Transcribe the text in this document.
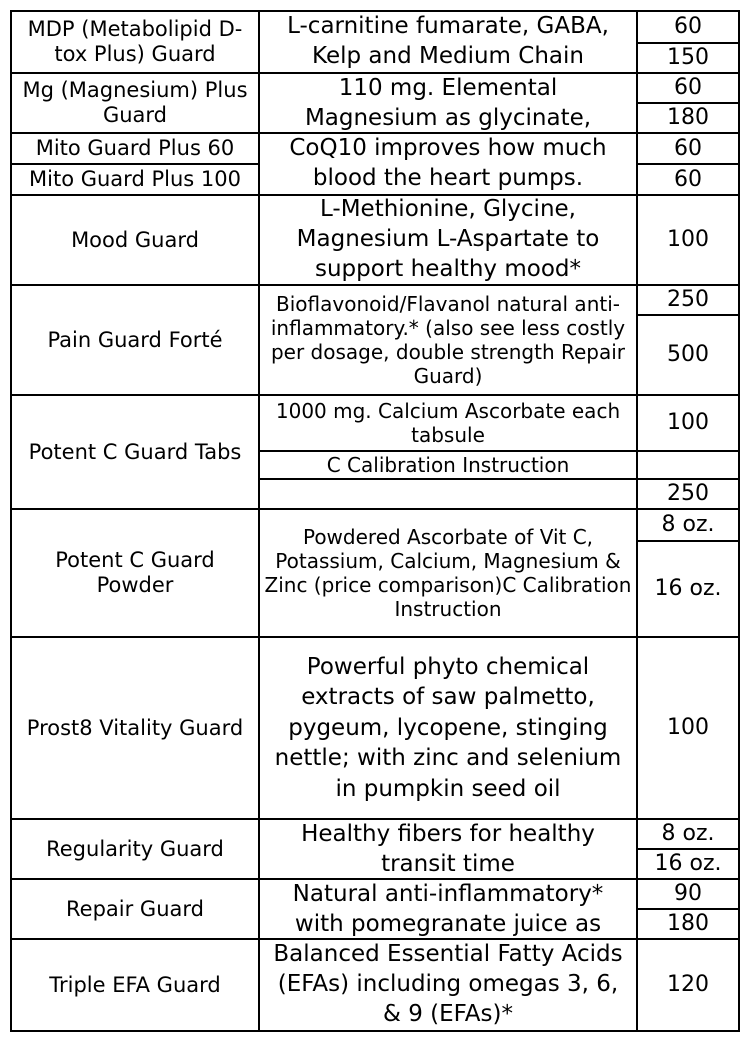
MDP (Metabolipid D-tox Plus) Guard
L-carnitine fumarate, GABA,
Kelp and Medium Chain
60
150
Mg (Magnesium) Plus Guard
110 mg. Elemental
Magnesium as glycinate,
60
180
Mito Guard Plus 60
Mito Guard Plus 100
CoQ10 improves how much
blood the heart pumps.
60
60
Mood Guard
L-Methionine, Glycine,
Magnesium L-Aspartate to
support healthy mood*
100
Pain Guard Forté
Bioflavonoid/Flavanol natural anti-inflammatory.* (also see less costly per dosage, double strength Repair Guard)
250
500
Potent C Guard Tabs
1000 mg. Calcium Ascorbate each tabsule
C Calibration Instruction
100
250
Potent C Guard Powder
Powdered Ascorbate of Vit C, Potassium, Calcium, Magnesium & Zinc (price comparison)C Calibration Instruction
8 oz.
16 oz.
Prost8 Vitality Guard
Powerful phyto chemical extracts of saw palmetto, pygeum, lycopene, stinging nettle; with zinc and selenium in pumpkin seed oil
100
Regularity Guard
Healthy fibers for healthy
transit time
8 oz.
16 oz.
Repair Guard
Natural anti-inflammatory*
with pomegranate juice as
90
180
Triple EFA Guard
Balanced Essential Fatty Acids
(EFAs) including omegas 3, 6,
& 9 (EFAs)*
120
